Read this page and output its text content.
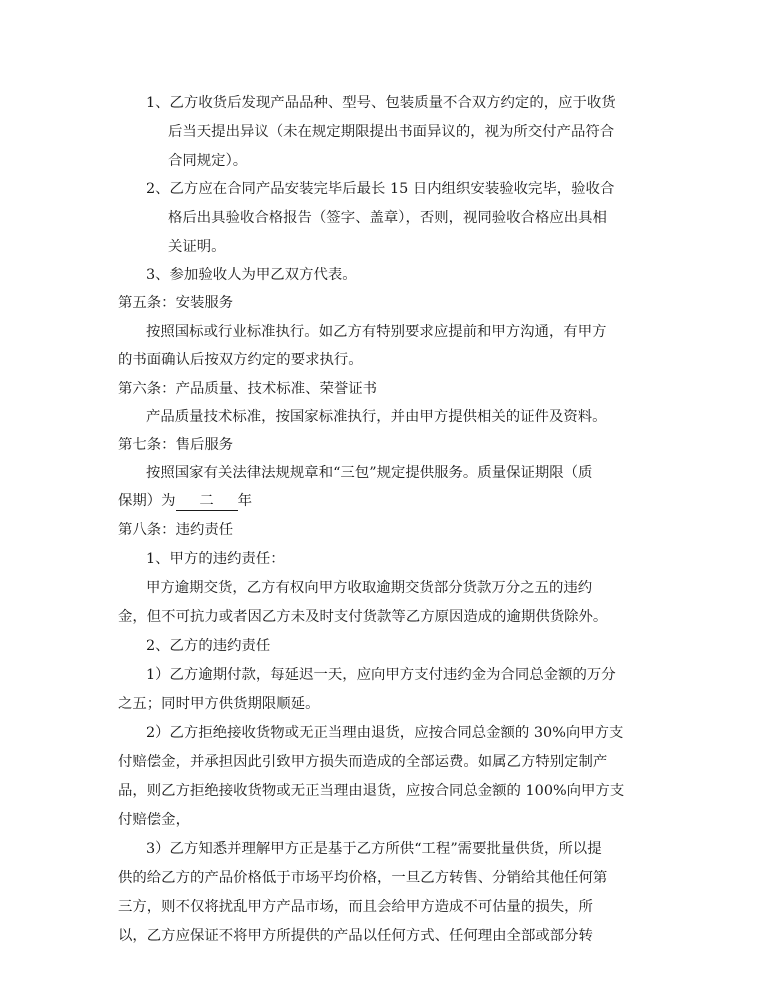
1、乙方收货后发现产品品种、型号、包装质量不合双方约定的，应于收货
后当天提出异议（未在规定期限提出书面异议的，视为所交付产品符合
合同规定）。
2、乙方应在合同产品安装完毕后最长 15 日内组织安装验收完毕，验收合
格后出具验收合格报告（签字、盖章），否则，视同验收合格应出具相
关证明。
3、参加验收人为甲乙双方代表。
第五条：安装服务
按照国标或行业标准执行。如乙方有特别要求应提前和甲方沟通，有甲方
的书面确认后按双方约定的要求执行。
第六条：产品质量、技术标准、荣誉证书
产品质量技术标准，按国家标准执行，并由甲方提供相关的证件及资料。
第七条：售后服务
按照国家有关法律法规规章和“三包”规定提供服务。质量保证期限（质
保期）为 二 年
第八条：违约责任
1、甲方的违约责任：
甲方逾期交货，乙方有权向甲方收取逾期交货部分货款万分之五的违约
金，但不可抗力或者因乙方未及时支付货款等乙方原因造成的逾期供货除外。
2、乙方的违约责任
1）乙方逾期付款，每延迟一天，应向甲方支付违约金为合同总金额的万分
之五；同时甲方供货期限顺延。
2）乙方拒绝接收货物或无正当理由退货，应按合同总金额的 30%向甲方支
付赔偿金，并承担因此引致甲方损失而造成的全部运费。如属乙方特别定制产
品，则乙方拒绝接收货物或无正当理由退货，应按合同总金额的 100%向甲方支
付赔偿金，
3）乙方知悉并理解甲方正是基于乙方所供“工程”需要批量供货，所以提
供的给乙方的产品价格低于市场平均价格，一旦乙方转售、分销给其他任何第
三方，则不仅将扰乱甲方产品市场，而且会给甲方造成不可估量的损失，所
以，乙方应保证不将甲方所提供的产品以任何方式、任何理由全部或部分转
